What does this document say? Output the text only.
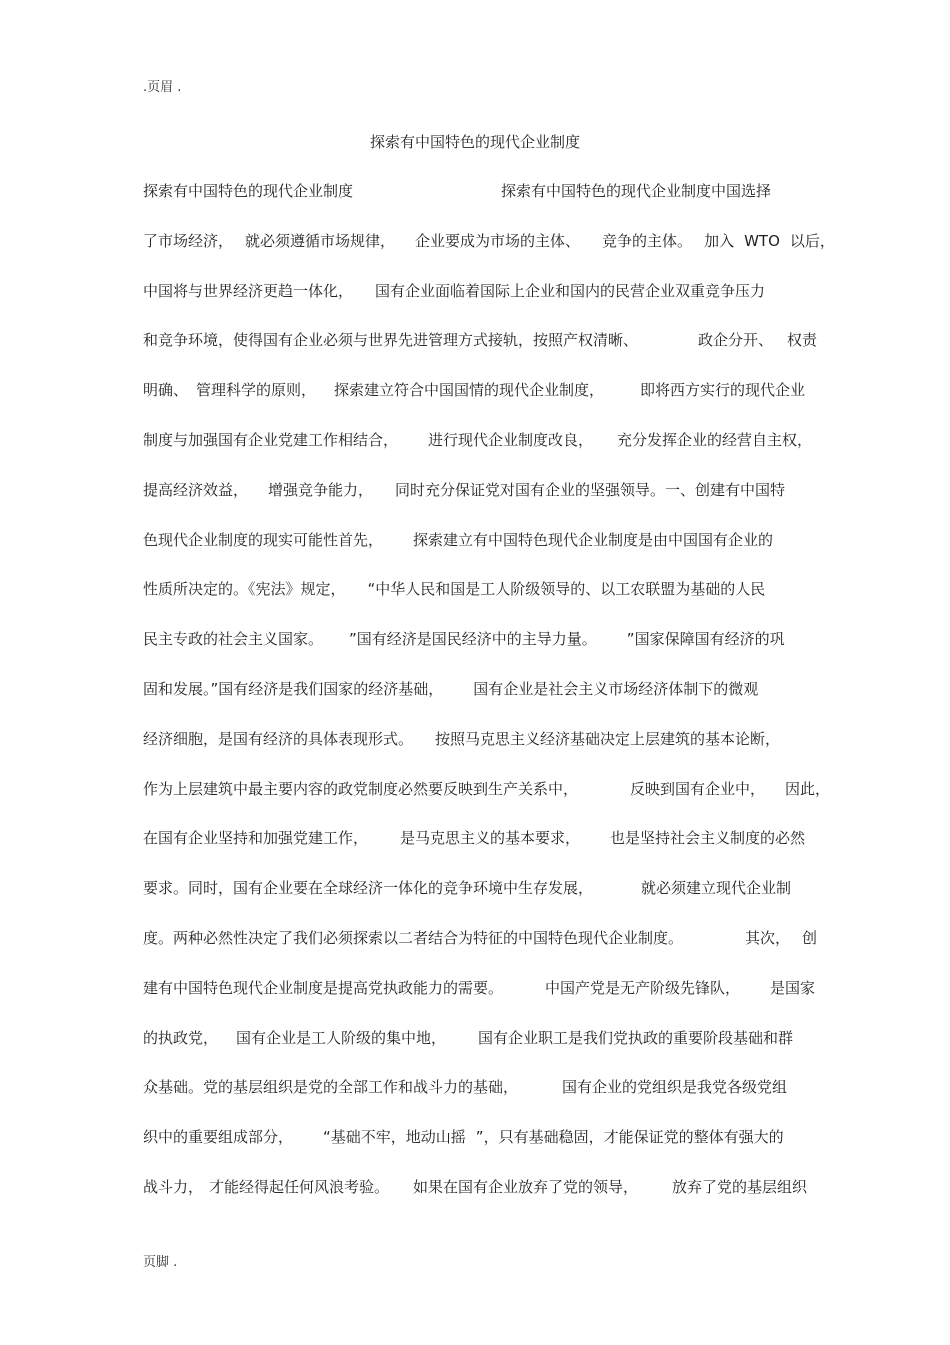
.页眉 .
探索有中国特色的现代企业制度
探索有中国特色的现代企业制度	探索有中国特色的现代企业制度中国选择
了市场经济， 就必须遵循市场规律， 企业要成为市场的主体、 竞争的主体。 加入 WTO 以后，
中国将与世界经济更趋一体化， 国有企业面临着国际上企业和国内的民营企业双重竞争压力
和竞争环境，使得国有企业必须与世界先进管理方式接轨，按照产权清晰、	政企分开、 权责
明确、 管理科学的原则， 探索建立符合中国国情的现代企业制度， 即将西方实行的现代企业
制度与加强国有企业党建工作相结合， 进行现代企业制度改良， 充分发挥企业的经营自主权，
提高经济效益， 增强竞争能力， 同时充分保证党对国有企业的坚强领导。一、创建有中国特
色现代企业制度的现实可能性首先， 探索建立有中国特色现代企业制度是由中国国有企业的
性质所决定的。《宪法》规定， “中华人民和国是工人阶级领导的、以工农联盟为基础的人民
民主专政的社会主义国家。 ”国有经济是国民经济中的主导力量。 ”国家保障国有经济的巩
固和发展。”国有经济是我们国家的经济基础， 国有企业是社会主义市场经济体制下的微观
经济细胞，是国有经济的具体表现形式。 按照马克思主义经济基础决定上层建筑的基本论断，
作为上层建筑中最主要内容的政党制度必然要反映到生产关系中，	反映到国有企业中， 因此，
在国有企业坚持和加强党建工作， 是马克思主义的基本要求， 也是坚持社会主义制度的必然
要求。同时，国有企业要在全球经济一体化的竞争环境中生存发展，	就必须建立现代企业制
度。两种必然性决定了我们必须探索以二者结合为特征的中国特色现代企业制度。	其次， 创
建有中国特色现代企业制度是提高党执政能力的需要。	中国产党是无产阶级先锋队， 是国家
的执政党， 国有企业是工人阶级的集中地， 国有企业职工是我们党执政的重要阶段基础和群
众基础。党的基层组织是党的全部工作和战斗力的基础，	国有企业的党组织是我党各级党组
织中的重要组成部分， “基础不牢，地动山摇 ”，只有基础稳固，才能保证党的整体有强大的
战斗力， 才能经得起任何风浪考验。 如果在国有企业放弃了党的领导， 放弃了党的基层组织
页脚 .
